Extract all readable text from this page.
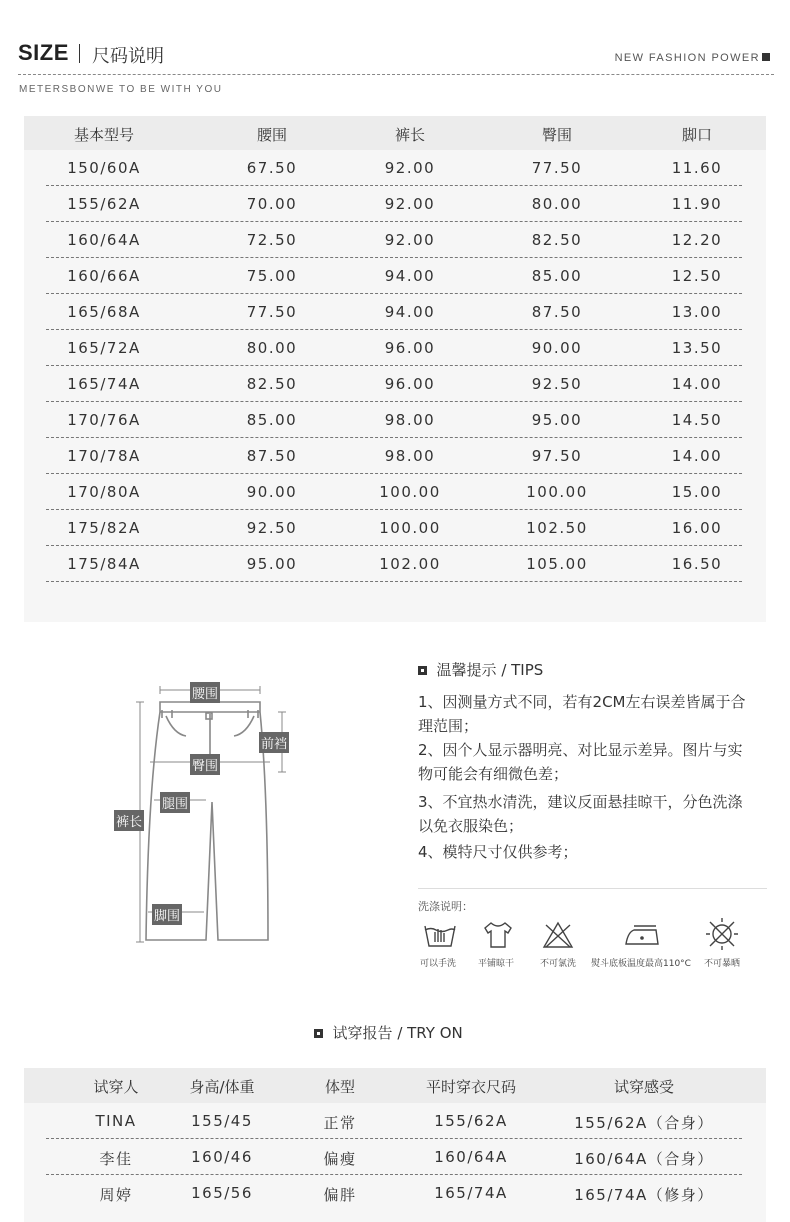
SIZE 尺码说明	NEW FASHION POWER
METERSBONWE TO BE WITH YOU
基本型号	腰围	裤长	臀围	脚口
150/60A	67.50	92.00	77.50	11.60
155/62A	70.00	92.00	80.00	11.90
160/64A	72.50	92.00	82.50	12.20
160/66A	75.00	94.00	85.00	12.50
165/68A	77.50	94.00	87.50	13.00
165/72A	80.00	96.00	90.00	13.50
165/74A	82.50	96.00	92.50	14.00
170/76A	85.00	98.00	95.00	14.50
170/78A	87.50	98.00	97.50	14.00
170/80A	90.00	100.00	100.00	15.00
175/82A	92.50	100.00	102.50	16.00
175/84A	95.00	102.00	105.00	16.50
腰围
前裆
臀围
腿围
裤长
脚围
温馨提示 / TIPS
1、因测量方式不同，若有2CM左右误差皆属于合理范围；
2、因个人显示器明亮、对比显示差异。图片与实物可能会有细微色差；
3、不宜热水清洗，建议反面悬挂晾干，分色洗涤以免衣服染色；
4、模特尺寸仅供参考；
洗涤说明：
可以手洗 平铺晾干	不可氯洗 熨斗底板温度最高110°C 不可暴晒
试穿报告 / TRY ON
试穿人	身高/体重	体型	平时穿衣尺码	试穿感受
TINA	155/45	正常	155/62A	155/62A（合身）
李佳	160/46	偏瘦	160/64A	160/64A（合身）
周婷	165/56	偏胖	165/74A	165/74A（修身）
